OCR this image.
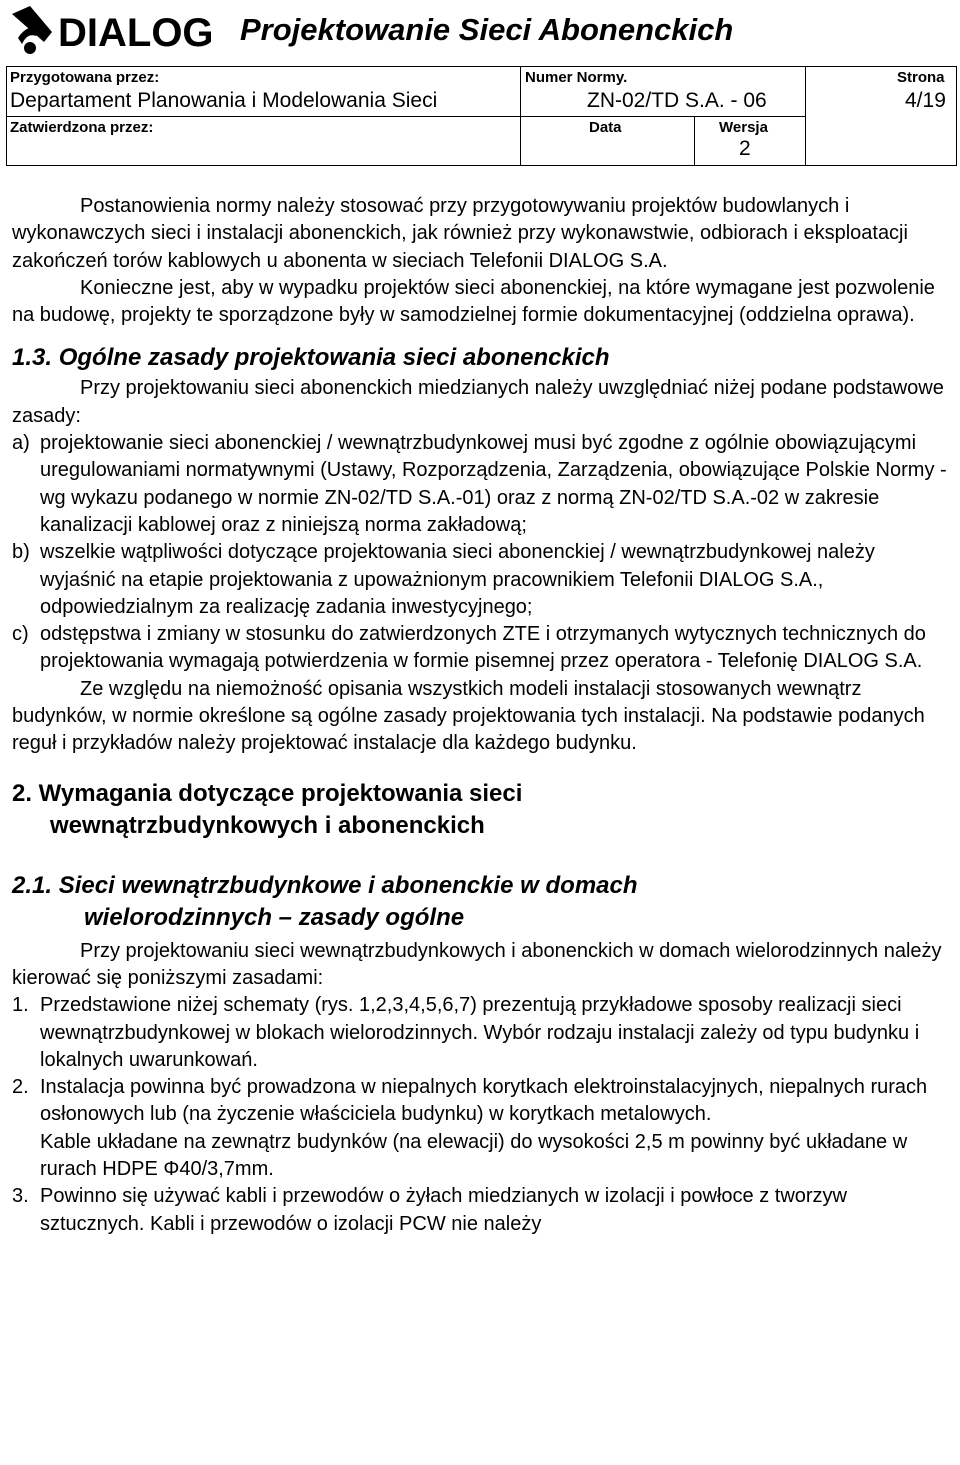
DIALOG Projektowanie Sieci Abonenckich
Przygotowana przez:
Departament Planowania i Modelowania Sieci
Numer Normy.
ZN-02/TD S.A. - 06
Strona
4/19
Zatwierdzona przez:	Data	Wersja
2

Postanowienia normy należy stosować przy przygotowywaniu projektów budowlanych i wykonawczych sieci i instalacji abonenckich, jak również przy wykonawstwie, odbiorach i eksploatacji zakończeń torów kablowych u abonenta w sieciach Telefonii DIALOG S.A.

Konieczne jest, aby w wypadku projektów sieci abonenckiej, na które wymagane jest pozwolenie na budowę, projekty te sporządzone były w samodzielnej formie dokumentacyjnej (oddzielna oprawa).

1.3. Ogólne zasady projektowania sieci abonenckich

Przy projektowaniu sieci abonenckich miedzianych należy uwzględniać niżej podane podstawowe zasady:

a) projektowanie sieci abonenckiej / wewnątrzbudynkowej musi być zgodne z ogólnie obowiązującymi uregulowaniami normatywnymi (Ustawy, Rozporządzenia, Zarządzenia, obowiązujące Polskie Normy - wg wykazu podanego w normie ZN-02/TD S.A.-01) oraz z normą ZN-02/TD S.A.-02 w zakresie kanalizacji kablowej oraz z niniejszą norma zakładową;
b) wszelkie wątpliwości dotyczące projektowania sieci abonenckiej / wewnątrzbudynkowej należy wyjaśnić na etapie projektowania z upoważnionym pracownikiem Telefonii DIALOG S.A., odpowiedzialnym za realizację zadania inwestycyjnego;
c) odstępstwa i zmiany w stosunku do zatwierdzonych ZTE i otrzymanych wytycznych technicznych do projektowania wymagają potwierdzenia w formie pisemnej przez operatora - Telefonię DIALOG S.A.

Ze względu na niemożność opisania wszystkich modeli instalacji stosowanych wewnątrz budynków, w normie określone są ogólne zasady projektowania tych instalacji. Na podstawie podanych reguł i przykładów należy projektować instalacje dla każdego budynku.

2. Wymagania dotyczące projektowania sieci
wewnątrzbudynkowych i abonenckich

2.1. Sieci wewnątrzbudynkowe i abonenckie w domach
wielorodzinnych – zasady ogólne

Przy projektowaniu sieci wewnątrzbudynkowych i abonenckich w domach wielorodzinnych należy kierować się poniższymi zasadami:

1. Przedstawione niżej schematy (rys. 1,2,3,4,5,6,7) prezentują przykładowe sposoby realizacji sieci wewnątrzbudynkowej w blokach wielorodzinnych. Wybór rodzaju instalacji zależy od typu budynku i lokalnych uwarunkowań.
2. Instalacja powinna być prowadzona w niepalnych korytkach elektroinstalacyjnych, niepalnych rurach osłonowych lub (na życzenie właściciela budynku) w korytkach metalowych.

Kable układane na zewnątrz budynków (na elewacji) do wysokości 2,5 m powinny być układane w rurach HDPE Φ40/3,7mm.

3. Powinno się używać kabli i przewodów o żyłach miedzianych w izolacji i powłoce z tworzyw sztucznych. Kabli i przewodów o izolacji PCW nie należy
